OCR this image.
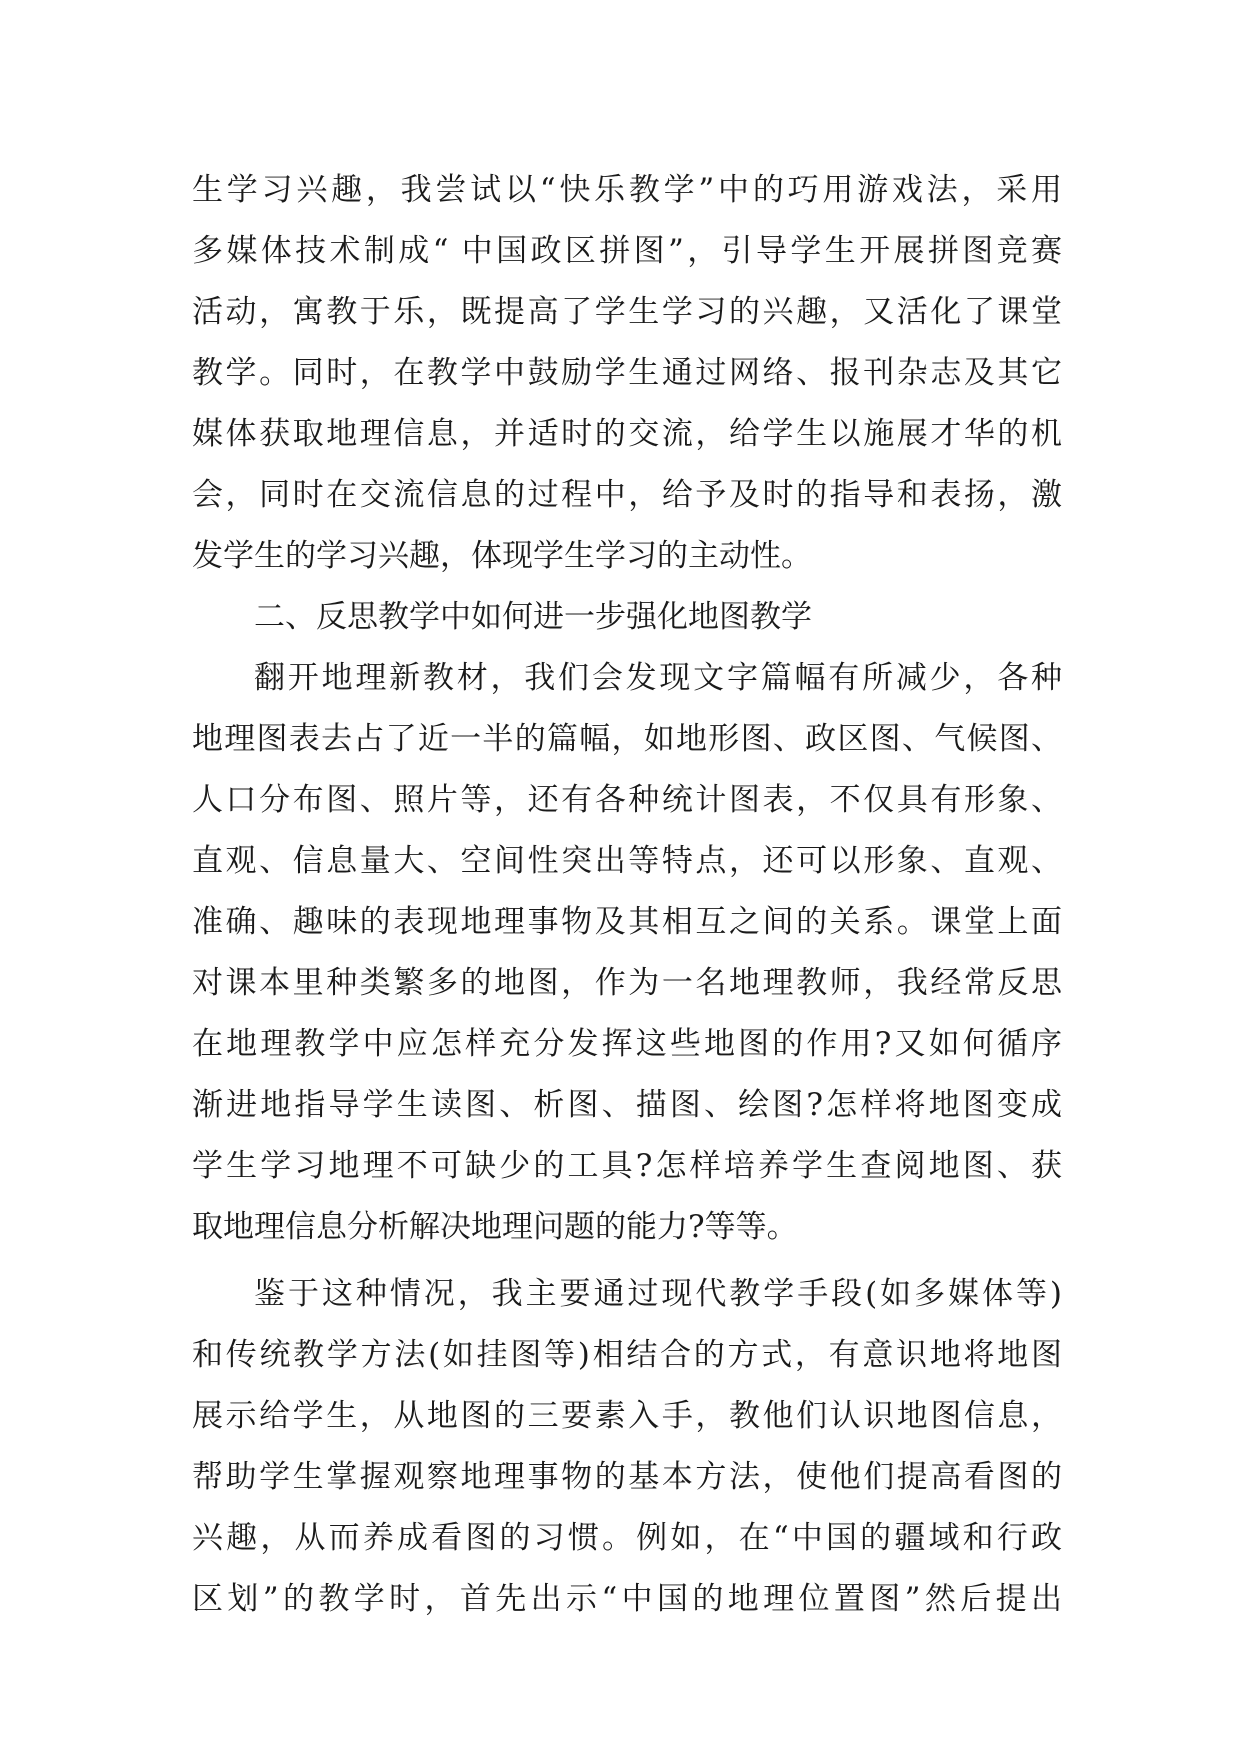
生学习兴趣，我尝试以“快乐教学”中的巧用游戏法，采用
多媒体技术制成“ 中国政区拼图”，引导学生开展拼图竞赛
活动，寓教于乐，既提高了学生学习的兴趣，又活化了课堂
教学。同时，在教学中鼓励学生通过网络、报刊杂志及其它
媒体获取地理信息，并适时的交流，给学生以施展才华的机
会，同时在交流信息的过程中，给予及时的指导和表扬，激
发学生的学习兴趣，体现学生学习的主动性。
二、反思教学中如何进一步强化地图教学
翻开地理新教材，我们会发现文字篇幅有所减少，各种
地理图表去占了近一半的篇幅，如地形图、政区图、气候图、
人口分布图、照片等，还有各种统计图表，不仅具有形象、
直观、信息量大、空间性突出等特点，还可以形象、直观、
准确、趣味的表现地理事物及其相互之间的关系。课堂上面
对课本里种类繁多的地图，作为一名地理教师，我经常反思
在地理教学中应怎样充分发挥这些地图的作用?又如何循序
渐进地指导学生读图、析图、描图、绘图?怎样将地图变成
学生学习地理不可缺少的工具?怎样培养学生查阅地图、获
取地理信息分析解决地理问题的能力?等等。
鉴于这种情况，我主要通过现代教学手段(如多媒体等)
和传统教学方法(如挂图等)相结合的方式，有意识地将地图
展示给学生，从地图的三要素入手，教他们认识地图信息，
帮助学生掌握观察地理事物的基本方法，使他们提高看图的
兴趣，从而养成看图的习惯。例如，在“中国的疆域和行政
区划”的教学时，首先出示“中国的地理位置图”然后提出
